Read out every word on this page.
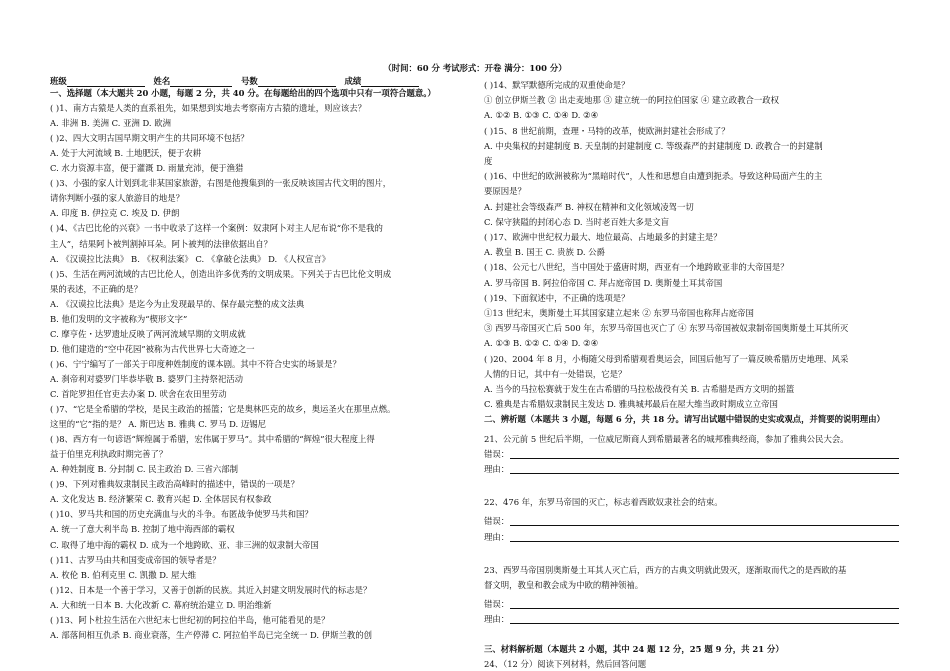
（时间：60 分 考试形式：开卷 满分：100 分）
班级	姓名	号数	成绩
一、选择题（本大题共 20 小题，每题 2 分，共 40 分。在每题给出的四个选项中只有一项符合题意。）
( )1、南方古猿是人类的直系祖先，如果想到实地去考察南方古猿的遗址，则应该去？
A. 非洲 B. 美洲 C. 亚洲 D. 欧洲
( )2、四大文明古国早期文明产生的共同环境不包括？
A. 处于大河流域 B. 土地肥沃，便于农耕
C. 水力资源丰富，便于灌溉 D. 雨量充沛，便于渔猎
( )3、小强的家人计划到北非某国家旅游，右图是他搜集到的一张反映该国古代文明的图片，
请你判断小强的家人旅游目的地是？
A. 印度 B. 伊拉克 C. 埃及 D. 伊朗
( )4、《古巴比伦的兴衰》一书中收录了这样一个案例：奴隶阿卜对主人尼布说“你不是我的
主人”，结果阿卜被判割掉耳朵。阿卜被判的法律依据出自？
A. 《汉谟拉比法典》 B. 《权利法案》 C. 《拿破仑法典》 D. 《人权宣言》
( )5、生活在两河流域的古巴比伦人，创造出许多优秀的文明成果。下列关于古巴比伦文明成
果的表述，不正确的是？
A. 《汉谟拉比法典》是迄今为止发现最早的、保存最完整的成文法典
B. 他们发明的文字被称为“楔形文字”
C. 摩亨佐・达罗遗址反映了两河流域早期的文明成就
D. 他们建造的“空中花园”被称为古代世界七大奇迹之一
( )6、宁宁编写了一部关于印度种姓制度的课本剧。其中不符合史实的场景是？
A. 刹帝利对婆罗门毕恭毕敬 B. 婆罗门主持祭祀活动
C. 首陀罗担任官吏去办案 D. 吠舍在农田里劳动
( )7、“它是全希腊的学校，是民主政治的摇篮；它是奥林匹克的故乡，奥运圣火在那里点燃。
这里的“它”指的是？ A. 斯巴达 B. 雅典 C. 罗马 D. 迈锡尼
( )8、西方有一句谚语“辉煌属于希腊，宏伟属于罗马”。其中希腊的“辉煌”很大程度上得
益于伯里克利执政时期完善了？
A. 种姓制度 B. 分封制 C. 民主政治 D. 三省六部制
( )9、下列对雅典奴隶制民主政治高峰时的描述中，错误的一项是？
A. 文化发达 B. 经济繁荣 C. 教育兴起 D. 全体居民有权参政
( )10、罗马共和国的历史充满血与火的斗争。布匿战争使罗马共和国？
A. 统一了意大利半岛 B. 控制了地中海西部的霸权
C. 取得了地中海的霸权 D. 成为一个地跨欧、亚、非三洲的奴隶制大帝国
( )11、古罗马由共和国变成帝国的领导者是？
A. 枚伦 B. 伯利克里 C. 凯撒 D. 屋大维
( )12、日本是一个善于学习，又善于创新的民族。其近入封建文明发展时代的标志是？
A. 大和统一日本 B. 大化改新 C. 幕府统治建立 D. 明治维新
( )13、阿卜杜拉生活在六世纪末七世纪初的阿拉伯半岛，他可能看见的是？
A. 部落间相互仇杀 B. 商业衰落，生产停滞 C. 阿拉伯半岛已完全统一 D. 伊斯兰教的创
( )14、默罕默德所完成的双重使命是？
① 创立伊斯兰教 ② 出走麦地那 ③ 建立统一的阿拉伯国家 ④ 建立政教合一政权
A. ①② B. ①③ C. ①④ D. ②④
( )15、8 世纪前期，查理・马特的改革，使欧洲封建社会形成了？
A. 中央集权的封建制度 B. 天皇制的封建制度 C. 等级森严的封建制度 D. 政教合一的封建制
度
( )16、中世纪的欧洲被称为“黑暗时代”，人性和思想自由遭到扼杀。导致这种局面产生的主
要原因是？
A. 封建社会等级森严 B. 神权在精神和文化领域凌驾一切
C. 保守狭隘的封闭心态 D. 当时老百姓大多是文盲
( )17、欧洲中世纪权力最大、地位最高、占地最多的封建主是？
A. 教皇 B. 国王 C. 贵族 D. 公爵
( )18、公元七八世纪，当中国处于盛唐时期，西亚有一个地跨欧亚非的大帝国是？
A. 罗马帝国 B. 阿拉伯帝国 C. 拜占庭帝国 D. 奥斯曼土耳其帝国
( )19、下面叙述中，不正确的选项是？
①13 世纪末，奥斯曼土耳其国家建立起来 ② 东罗马帝国也称拜占庭帝国
③ 西罗马帝国灭亡后 500 年，东罗马帝国也灭亡了 ④ 东罗马帝国被奴隶制帝国奥斯曼土耳其所灭
A. ①③ B. ①② C. ①④ D. ②④
( )20、2004 年 8 月，小梅随父母到希腊观看奥运会，回国后他写了一篇反映希腊历史地理、风采
人情的日记，其中有一处错误，它是？
A. 当今的马拉松赛就于发生在古希腊的马拉松战役有关 B. 古希腊是西方文明的摇篮
C. 雅典是古希腊奴隶制民主发达 D. 雅典城邦最后在屋大维当政时期成立立帝国
二、辨析题（本题共 3 小题，每题 6 分，共 18 分。请写出试题中错误的史实或观点，并简要的说明理由）
21、公元前 5 世纪后半期，一位威尼斯商人到希腊最著名的城邦雅典经商，参加了雅典公民大会。
错误：
理由：
22、476 年，东罗马帝国的灭亡，标志着西欧奴隶社会的结束。
错误：
理由：
23、西罗马帝国別奥斯曼土耳其人灭亡后，西方的古典文明就此毁灭，逐渐取而代之的是西欧的基
督文明，教皇和教会成为中欧的精神领袖。
错误：
理由：
三、材料解析题（本题共 2 小题，其中 24 题 12 分，25 题 9 分，共 21 分）
24、（12 分）阅读下列材料，然后回答问题
